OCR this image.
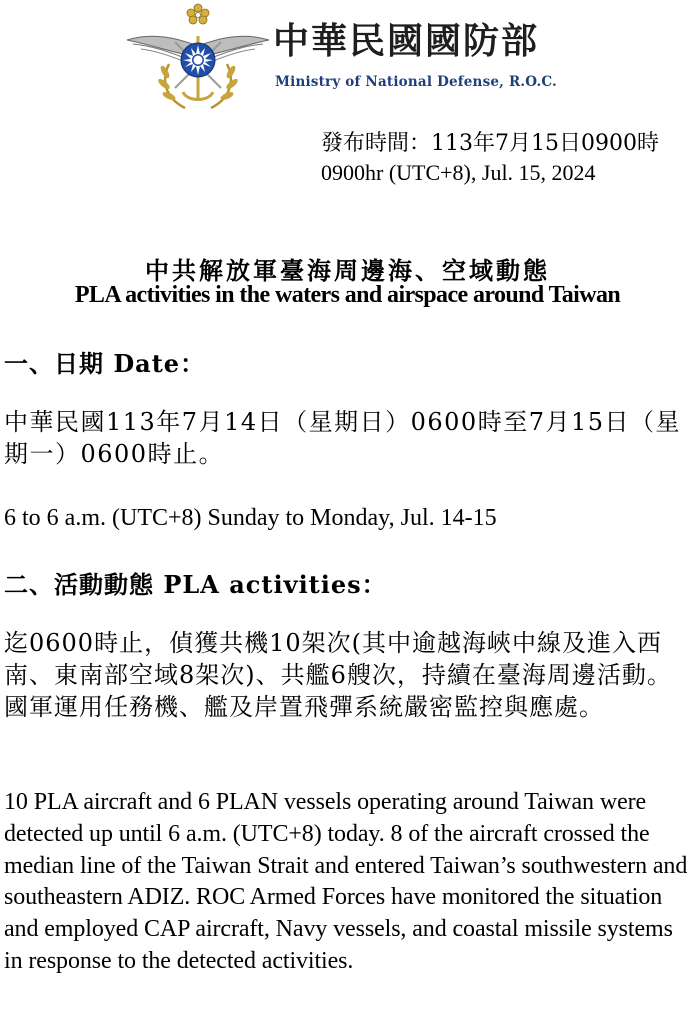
中華民國國防部
Ministry of National Defense, R.O.C.
發布時間：113年7月15日0900時
0900hr (UTC+8), Jul. 15, 2024
中共解放軍臺海周邊海、空域動態
PLA activities in the waters and airspace around Taiwan
一、日期 Date：

中華民國113年7月14日（星期日）0600時至7月15日（星期一）0600時止。

6 to 6 a.m. (UTC+8) Sunday to Monday, Jul. 14-15

二、活動動態 PLA activities：

迄0600時止，偵獲共機10架次(其中逾越海峽中線及進入西南、東南部空域8架次)、共艦6艘次，持續在臺海周邊活動。國軍運用任務機、艦及岸置飛彈系統嚴密監控與應處。

10 PLA aircraft and 6 PLAN vessels operating around Taiwan were detected up until 6 a.m. (UTC+8) today. 8 of the aircraft crossed the median line of the Taiwan Strait and entered Taiwan’s southwestern and southeastern ADIZ. ROC Armed Forces have monitored the situation and employed CAP aircraft, Navy vessels, and coastal missile systems in response to the detected activities.
